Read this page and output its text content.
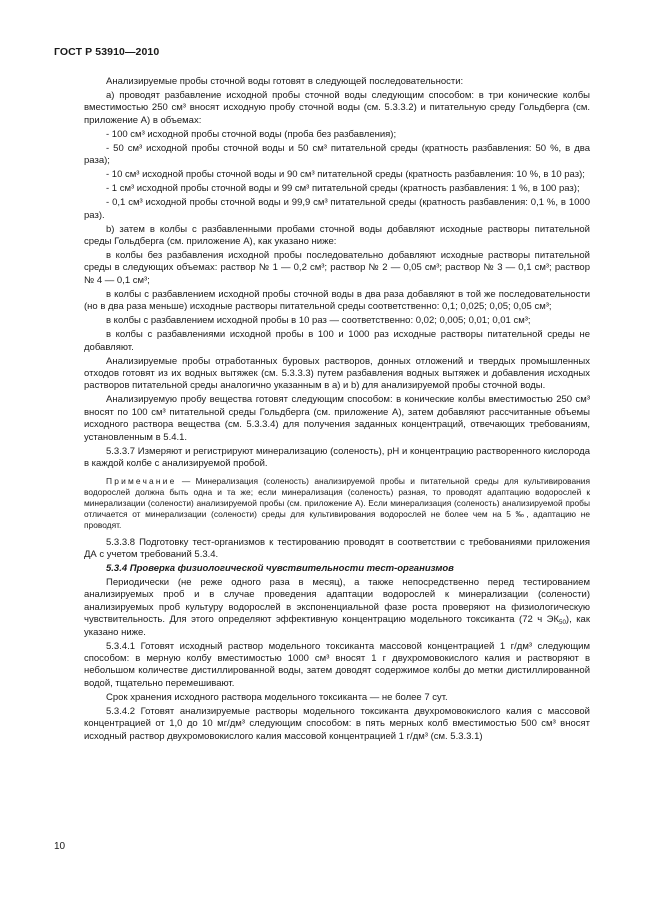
ГОСТ Р 53910—2010

Анализируемые пробы сточной воды готовят в следующей последовательности:

а) проводят разбавление исходной пробы сточной воды следующим способом: в три конические колбы вместимостью 250 см³ вносят исходную пробу сточной воды (см. 5.3.3.2) и питательную среду Гольдберга (см. приложение А) в объемах:

- 100 см³ исходной пробы сточной воды (проба без разбавления);

- 50 см³ исходной пробы сточной воды и 50 см³ питательной среды (кратность разбавления: 50 %, в два раза);

- 10 см³ исходной пробы сточной воды и 90 см³ питательной среды (кратность разбавления: 10 %, в 10 раз);

- 1 см³ исходной пробы сточной воды и 99 см³ питательной среды (кратность разбавления: 1 %, в 100 раз);

- 0,1 см³ исходной пробы сточной воды и 99,9 см³ питательной среды (кратность разбавления: 0,1 %, в 1000 раз).

b) затем в колбы с разбавленными пробами сточной воды добавляют исходные растворы питательной среды Гольдберга (см. приложение А), как указано ниже:

в колбы без разбавления исходной пробы последовательно добавляют исходные растворы питательной среды в следующих объемах: раствор № 1 — 0,2 см³; раствор № 2 — 0,05 см³; раствор № 3 — 0,1 см³; раствор № 4 — 0,1 см³;

в колбы с разбавлением исходной пробы сточной воды в два раза добавляют в той же последовательности (но в два раза меньше) исходные растворы питательной среды соответственно: 0,1; 0,025; 0,05; 0,05 см³;

в колбы с разбавлением исходной пробы в 10 раз — соответственно: 0,02; 0,005; 0,01; 0,01 см³;

в колбы с разбавлениями исходной пробы в 100 и 1000 раз исходные растворы питательной среды не добавляют.

Анализируемые пробы отработанных буровых растворов, донных отложений и твердых промышленных отходов готовят из их водных вытяжек (см. 5.3.3.3) путем разбавления водных вытяжек и добавления исходных растворов питательной среды аналогично указанным в а) и b) для анализируемой пробы сточной воды.

Анализируемую пробу вещества готовят следующим способом: в конические колбы вместимостью 250 см³ вносят по 100 см³ питательной среды Гольдберга (см. приложение А), затем добавляют рассчитанные объемы исходного раствора вещества (см. 5.3.3.4) для получения заданных концентраций, отвечающих требованиям, установленным в 5.4.1.

5.3.3.7 Измеряют и регистрируют минерализацию (соленость), pH и концентрацию растворенного кислорода в каждой колбе с анализируемой пробой.

Примечание — Минерализация (соленость) анализируемой пробы и питательной среды для культивирования водорослей должна быть одна и та же; если минерализация (соленость) разная, то проводят адаптацию водорослей к минерализации (солености) анализируемой пробы (см. приложение А). Если минерализация (соленость) анализируемой пробы отличается от минерализации (солености) среды для культивирования водорослей не более чем на 5 ‰, адаптацию не проводят.

5.3.3.8 Подготовку тест-организмов к тестированию проводят в соответствии с требованиями приложения ДА с учетом требований 5.3.4.

5.3.4 Проверка физиологической чувствительности тест-организмов

Периодически (не реже одного раза в месяц), а также непосредственно перед тестированием анализируемых проб и в случае проведения адаптации водорослей к минерализации (солености) анализируемых проб культуру водорослей в экспоненциальной фазе роста проверяют на физиологическую чувствительность. Для этого определяют эффективную концентрацию модельного токсиканта (72 ч $ЭК_{50}$), как указано ниже.

5.3.4.1 Готовят исходный раствор модельного токсиканта массовой концентрацией 1 г/дм³ следующим способом: в мерную колбу вместимостью 1000 см³ вносят 1 г двухромовокислого калия и растворяют в небольшом количестве дистиллированной воды, затем доводят содержимое колбы до метки дистиллированной водой, тщательно перемешивают.

Срок хранения исходного раствора модельного токсиканта — не более 7 сут.

5.3.4.2 Готовят анализируемые растворы модельного токсиканта двухромовокислого калия с массовой концентрацией от 1,0 до 10 мг/дм³ следующим способом: в пять мерных колб вместимостью 500 см³ вносят исходный раствор двухромовокислого калия массовой концентрацией 1 г/дм³ (см. 5.3.3.1)

10
